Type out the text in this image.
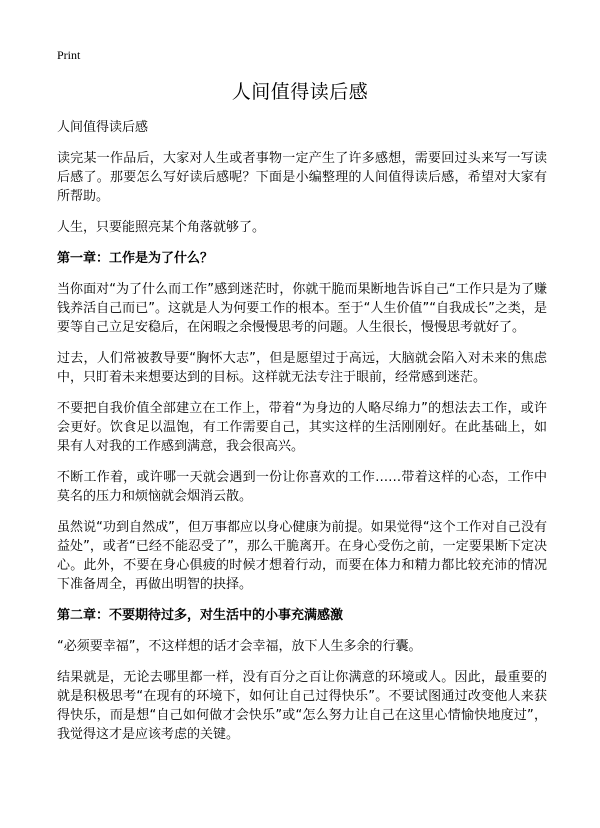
Print
人间值得读后感

人间值得读后感

读完某一作品后，大家对人生或者事物一定产生了许多感想，需要回过头来写一写读后感了。那要怎么写好读后感呢？下面是小编整理的人间值得读后感，希望对大家有所帮助。

人生，只要能照亮某个角落就够了。

第一章：工作是为了什么？

当你面对“为了什么而工作”感到迷茫时，你就干脆而果断地告诉自己“工作只是为了赚钱养活自己而已”。这就是人为何要工作的根本。至于“人生价值”“自我成长”之类，是要等自己立足安稳后，在闲暇之余慢慢思考的问题。人生很长，慢慢思考就好了。

过去，人们常被教导要“胸怀大志”，但是愿望过于高远，大脑就会陷入对未来的焦虑中，只盯着未来想要达到的目标。这样就无法专注于眼前，经常感到迷茫。

不要把自我价值全部建立在工作上，带着“为身边的人略尽绵力”的想法去工作，或许会更好。饮食足以温饱，有工作需要自己，其实这样的生活刚刚好。在此基础上，如果有人对我的工作感到满意，我会很高兴。

不断工作着，或许哪一天就会遇到一份让你喜欢的工作……带着这样的心态，工作中莫名的压力和烦恼就会烟消云散。

虽然说“功到自然成”，但万事都应以身心健康为前提。如果觉得“这个工作对自己没有益处”，或者“已经不能忍受了”，那么干脆离开。在身心受伤之前，一定要果断下定决心。此外，不要在身心俱疲的时候才想着行动，而要在体力和精力都比较充沛的情况下准备周全，再做出明智的抉择。

第二章：不要期待过多，对生活中的小事充满感激

“必须要幸福”，不这样想的话才会幸福，放下人生多余的行囊。

结果就是，无论去哪里都一样，没有百分之百让你满意的环境或人。因此，最重要的就是积极思考“在现有的环境下，如何让自己过得快乐”。不要试图通过改变他人来获得快乐，而是想“自己如何做才会快乐”或“怎么努力让自己在这里心情愉快地度过”，我觉得这才是应该考虑的关键。
